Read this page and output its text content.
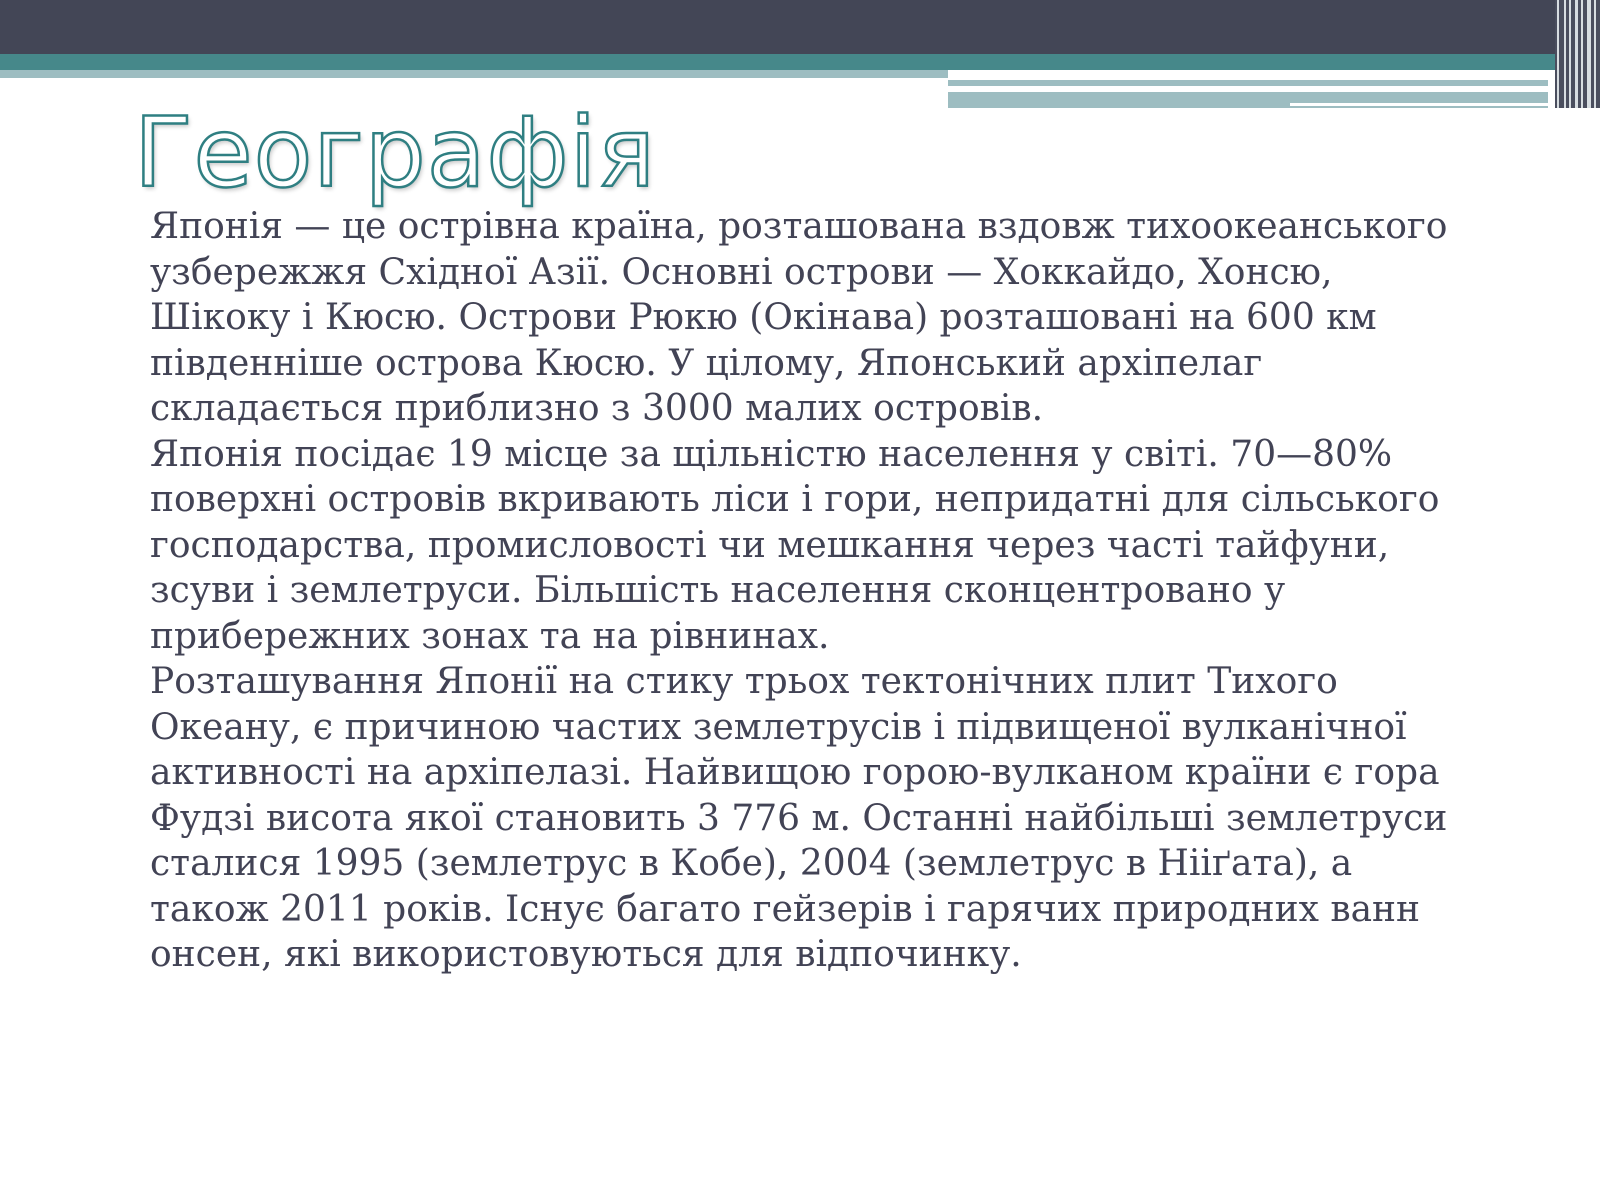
Географія

Японія — це острівна країна, розташована вздовж тихоокеанського узбережжя Східної Азії. Основні острови — Хоккайдо, Хонсю, Шікоку і Кюсю. Острови Рюкю (Окінава) розташовані на 600 км південніше острова Кюсю. У цілому, Японський архіпелаг складається приблизно з 3000 малих островів.

Японія посідає 19 місце за щільністю населення у світі. 70—80% поверхні островів вкривають ліси і гори, непридатні для сільського господарства, промисловості чи мешкання через часті тайфуни, зсуви і землетруси. Більшість населення сконцентровано у прибережних зонах та на рівнинах.

Розташування Японії на стику трьох тектонічних плит Тихого Океану, є причиною частих землетрусів і підвищеної вулканічної активності на архіпелазі. Найвищою горою-вулканом країни є гора Фудзі висота якої становить 3 776 м. Останні найбільші землетруси сталися 1995 (землетрус в Кобе), 2004 (землетрус в Нііґата), а також 2011 років. Існує багато гейзерів і гарячих природних ванн онсен, які використовуються для відпочинку.
